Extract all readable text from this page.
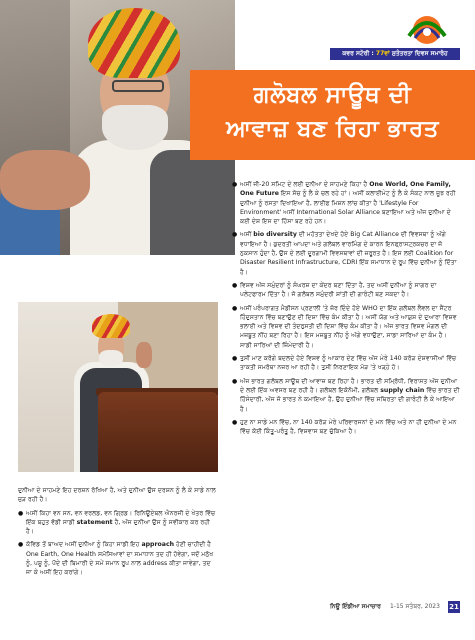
ਕਵਰ ਸਟੋਰੀ : 77ਵਾਂ ਸੁਤੰਤਰਤਾ ਦਿਵਸ ਸਮਾਰੋਹ
ਗਲੋਬਲ ਸਾਊਥ ਦੀ
ਆਵਾਜ਼ ਬਣ ਰਿਹਾ ਭਾਰਤ
● ਅਸੀਂ ਜੀ-20 ਸਮਿਟ ਦੇ ਲਈ ਦੁਨੀਆ ਦੇ ਸਾਹਮਣੇ ਕਿਹਾ ਹੈ One World, One Family, One Future ਇਸ ਸੋਚ ਨੂੰ ਲੈ ਕੇ ਚਲ ਰਹੇ ਹਾਂ। ਅਸੀਂ ਕਲਾਈਮੇਟ ਨੂੰ ਲੈ ਕੇ ਸੰਕਟ ਨਾਲ ਜੂਝ ਰਹੀ ਦੁਨੀਆ ਨੂੰ ਰਸਤਾ ਦਿਖਾਇਆ ਹੈ, ਲਾਈਫ ਮਿਸ਼ਨ ਲਾਂਚ ਕੀਤਾ ਹੈ 'Lifestyle For Environment' ਅਸੀਂ International Solar Alliance ਬਣਾਇਆ ਅਤੇ ਅੱਜ ਦੁਨੀਆ ਦੇ ਕਈ ਦੇਸ਼ ਇਸ ਦਾ ਹਿੱਸਾ ਬਣ ਰਹੇ ਹਨ।
● ਅਸੀਂ bio diversity ਦੀ ਮਹੱਤਤਾ ਦੇਖਦੇ ਹੋਏ Big Cat Alliance ਦੀ ਵਿਵਸਥਾ ਨੂੰ ਅੱਗੇ ਵਧਾਇਆ ਹੈ। ਕੁਦਰਤੀ ਆਪਦਾ ਅਤੇ ਗਲੋਬਲ ਵਾਰਮਿੰਗ ਦੇ ਕਾਰਨ ਇਨਫ੍ਰਾਸਟ੍ਰਕਚਰ ਦਾ ਜੋ ਨੁਕਸਾਨ ਹੁੰਦਾ ਹੈ, ਉਸ ਦੇ ਲਈ ਦੂਰਗਾਮੀ ਵਿਵਸਥਾਵਾਂ ਦੀ ਜ਼ਰੂਰਤ ਹੈ। ਇਸ ਲਈ Coalition for Disaster Resilient Infrastructure, CDRI ਇੱਕ ਸਮਾਧਾਨ ਦੇ ਰੂਪ ਵਿੱਚ ਦੁਨੀਆ ਨੂੰ ਦਿੱਤਾ ਹੈ।
● ਵਿਸ਼ਵ ਅੱਜ ਸਮੁੰਦਰਾਂ ਨੂੰ ਸੰਘਰਸ਼ ਦਾ ਕੇਂਦਰ ਬਣਾ ਦਿੱਤਾ ਹੈ, ਤਦ ਅਸੀਂ ਦੁਨੀਆ ਨੂੰ ਸਾਗਰ ਦਾ ਪਲੇਟਫਾਰਮ ਦਿੱਤਾ ਹੈ। ਜੋ ਗਲੋਬਲ ਸਮੁੰਦਰੀ ਸ਼ਾਂਤੀ ਦੀ ਗਾਰੰਟੀ ਬਣ ਸਕਦਾ ਹੈ।
● ਅਸੀਂ ਪਰੰਪਰਾਗਤ ਮੈਡੀਸਨ ਪ੍ਰਣਾਲੀ 'ਤੇ ਜ਼ੋਰ ਦਿੰਦੇ ਹੋਏ WHO ਦਾ ਇੱਕ ਗਲੋਬਲ ਲੈਵਲ ਦਾ ਸੈਂਟਰ ਹਿੰਦੁਸਤਾਨ ਵਿੱਚ ਬਣਾਉਣ ਦੀ ਦਿਸ਼ਾ ਵਿੱਚ ਕੰਮ ਕੀਤਾ ਹੈ। ਅਸੀਂ ਯੋਗ ਅਤੇ ਆਯੁਸ਼ ਦੇ ਦੁਆਰਾ ਵਿਸ਼ਵ ਭਲਾਈ ਅਤੇ ਵਿਸ਼ਵ ਦੀ ਤੰਦਰੁਸਤੀ ਦੀ ਦਿਸ਼ਾ ਵਿੱਚ ਕੰਮ ਕੀਤਾ ਹੈ। ਅੱਜ ਭਾਰਤ ਵਿਸ਼ਵ ਮੰਗਲ ਦੀ ਮਜ਼ਬੂਤ ਨੀਂਹ ਬਣਾ ਰਿਹਾ ਹੈ। ਇਸ ਮਜ਼ਬੂਤ ਨੀਂਹ ਨੂੰ ਅੱਗੇ ਵਧਾਉਣਾ, ਸਾਡਾ ਸਾਰਿਆਂ ਦਾ ਕੰਮ ਹੈ। ਸਾਡੀ ਸਾਰਿਆਂ ਦੀ ਜ਼ਿੰਮੇਦਾਰੀ ਹੈ।
● ਤੁਸੀਂ ਮਾਣ ਕਰੋਗੇ ਬਦਲਦੇ ਹੋਏ ਵਿਸ਼ਵ ਨੂੰ ਆਕਾਰ ਦੇਣ ਵਿੱਚ ਅੱਜ ਮੇਰੇ 140 ਕਰੋੜ ਦੇਸ਼ਵਾਸੀਆਂ ਵਿੱਚ ਤਾਕਤੀ ਸਮਰੱਥਾ ਨਜ਼ਰ ਆ ਰਹੀ ਹੈ। ਤੁਸੀਂ ਨਿਰਣਾਇਕ ਮੋੜ 'ਤੇ ਖੜ੍ਹੇ ਹੋ।
● ਅੱਜ ਭਾਰਤ ਗਲੋਬਲ ਸਾਊਥ ਦੀ ਆਵਾਜ਼ ਬਣ ਰਿਹਾ ਹੈ। ਭਾਰਤ ਦੀ ਸਮ੍ਰਿੱਧੀ, ਵਿਰਾਸਤ ਅੱਜ ਦੁਨੀਆ ਦੇ ਲਈ ਇੱਕ ਅਵਸਰ ਬਣ ਰਹੀ ਹੈ। ਗਲੋਬਲ ਇਕੋਨੋਮੀ, ਗਲੋਬਲ supply chain ਵਿੱਚ ਭਾਰਤ ਦੀ ਹਿੱਸੇਦਾਰੀ, ਅੱਜ ਜੋ ਭਾਰਤ ਨੇ ਕਮਾਇਆ ਹੈ, ਉਹ ਦੁਨੀਆ ਵਿੱਚ ਸਥਿਰਤਾ ਦੀ ਗਾਰੰਟੀ ਲੈ ਕੇ ਆਇਆ ਹੈ।
● ਹੁਣ ਨਾ ਸਾਡੇ ਮਨ ਵਿੱਚ, ਨਾ 140 ਕਰੋੜ ਮੇਰੇ ਪਰਿਵਾਰਜਨਾਂ ਦੇ ਮਨ ਵਿੱਚ ਅਤੇ ਨਾ ਹੀ ਦੁਨੀਆ ਦੇ ਮਨ ਵਿੱਚ ਕੋਈ ਕਿੰਤੂ-ਪਰੰਤੂ ਹੈ, ਵਿਸ਼ਵਾਸ ਬਣ ਚੁੱਕਿਆ ਹੈ।

ਦੁਨੀਆ ਦੇ ਸਾਹਮਣੇ ਇਹ ਦਰਸ਼ਨ ਰੱਖਿਆ ਹੈ, ਅਤੇ ਦੁਨੀਆ ਉਸ ਦਰਸ਼ਨ ਨੂੰ ਲੈ ਕੇ ਸਾਡੇ ਨਾਲ ਜੁੜ ਰਹੀ ਹੈ।

● ਅਸੀਂ ਕਿਹਾ ਵਨ ਸਨ, ਵਨ ਵਰਲਡ, ਵਨ ਗ੍ਰਿਡ। ਰਿਨਿਊਏਬਲ ਐਨਰਜੀ ਦੇ ਖੇਤਰ ਵਿੱਚ ਇੱਕ ਬਹੁਤ ਵੱਡੀ ਸਾਡੀ statement ਹੈ, ਅੱਜ ਦੁਨੀਆ ਉਸ ਨੂੰ ਸਵੀਕਾਰ ਕਰ ਰਹੀ ਹੈ।
● ਕੋਵਿਡ ਤੋਂ ਬਾਅਦ ਅਸੀਂ ਦੁਨੀਆ ਨੂੰ ਕਿਹਾ ਸਾਡੀ ਇਹ approach ਹੋਣੀ ਚਾਹੀਦੀ ਹੈ One Earth, One Health ਸਮੱਸਿਆਵਾਂ ਦਾ ਸਮਾਧਾਨ ਤਦ ਹੀ ਹੋਵੇਗਾ, ਜਦੋਂ ਮਨੁੱਖ ਨੂੰ, ਪਸ਼ੂ ਨੂੰ, ਪੌਦੇ ਦੀ ਬਿਮਾਰੀ ਦੇ ਸਮੇਂ ਸਮਾਨ ਰੂਪ ਨਾਲ address ਕੀਤਾ ਜਾਵੇਗਾ, ਤਦ ਜਾ ਕੇ ਅਸੀਂ ਇਹ ਕਰਾਂਗੇ।
ਨਿਊ ਇੰਡੀਆ ਸਮਾਚਾਰ 1-15 ਸਤੰਬਰ, 2023 21
